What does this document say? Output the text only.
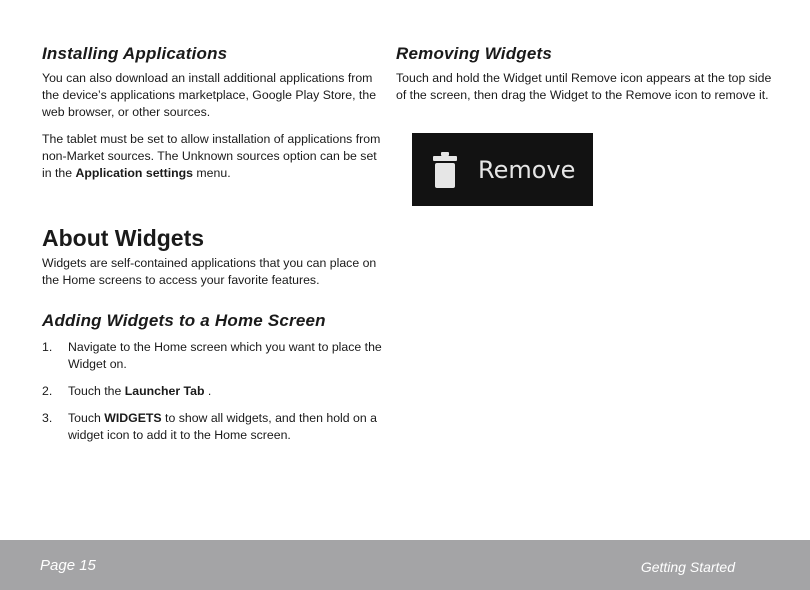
Installing Applications

You can also download an install additional applications from the device’s applications marketplace, Google Play Store, the web browser, or other sources.

The tablet must be set to allow installation of applications from non-Market sources. The Unknown sources option can be set in the Application settings menu.

About Widgets

Widgets are self-contained applications that you can place on the Home screens to access your favorite features.

Adding Widgets to a Home Screen
1. Navigate to the Home screen which you want to place the Widget on.
2. Touch the Launcher Tab .
3. Touch WIDGETS to show all widgets, and then hold on a widget icon to add it to the Home screen.
Removing Widgets

Touch and hold the Widget until Remove icon appears at the top side of the screen, then drag the Widget to the Remove icon to remove it.

Remove
Page 15	Getting Started
